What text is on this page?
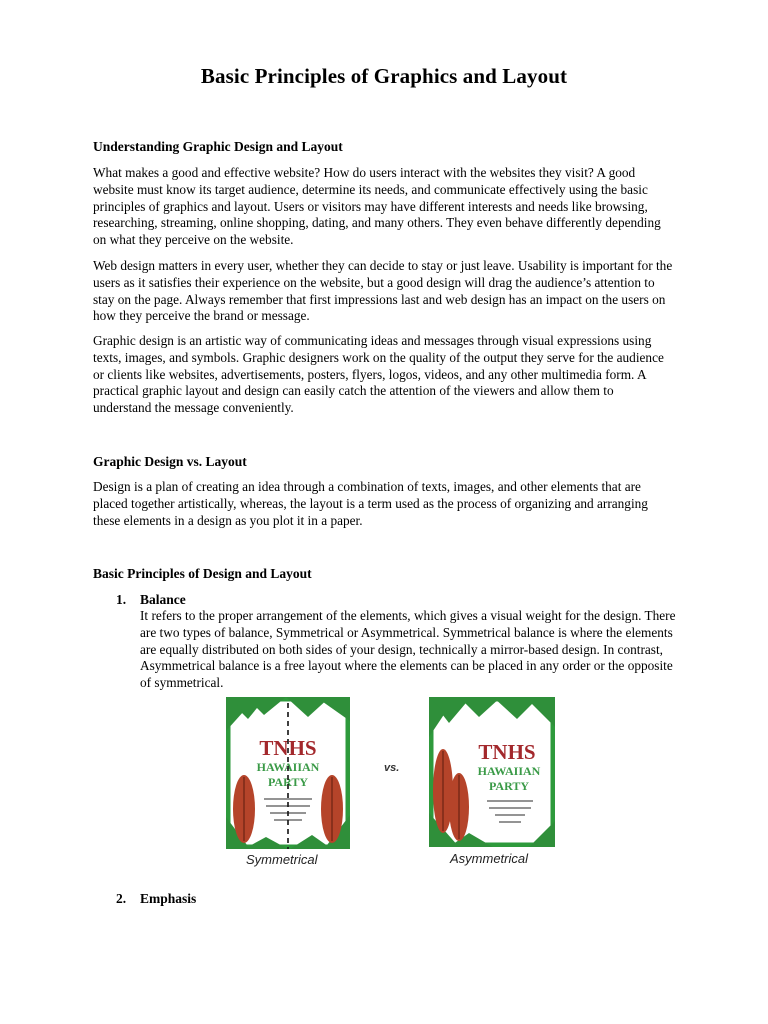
Basic Principles of Graphics and Layout
Understanding Graphic Design and Layout

What makes a good and effective website? How do users interact with the websites they visit? A good website must know its target audience, determine its needs, and communicate effectively using the basic principles of graphics and layout. Users or visitors may have different interests and needs like browsing, researching, streaming, online shopping, dating, and many others. They even behave differently depending on what they perceive on the website.

Web design matters in every user, whether they can decide to stay or just leave. Usability is important for the users as it satisfies their experience on the website, but a good design will drag the audience’s attention to stay on the page. Always remember that first impressions last and web design has an impact on the users on how they perceive the brand or message.

Graphic design is an artistic way of communicating ideas and messages through visual expressions using texts, images, and symbols. Graphic designers work on the quality of the output they serve for the audience or clients like websites, advertisements, posters, flyers, logos, videos, and any other multimedia form. A practical graphic layout and design can easily catch the attention of the viewers and allow them to understand the message conveniently.

Graphic Design vs. Layout

Design is a plan of creating an idea through a combination of texts, images, and other elements that are placed together artistically, whereas, the layout is a term used as the process of organizing and arranging these elements in a design as you plot it in a paper.

Basic Principles of Design and Layout
1. Balance

It refers to the proper arrangement of the elements, which gives a visual weight for the design. There are two types of balance, Symmetrical or Asymmetrical. Symmetrical balance is where the elements are equally distributed on both sides of your design, technically a mirror-based design. In contrast, Asymmetrical balance is a free layout where the elements can be placed in any order or the opposite of symmetrical.

TNHS
HAWAIIAN
PARTY
Symmetrical
vs.
TNHS
HAWAIIAN
PARTY
Asymmetrical
2. Emphasis
